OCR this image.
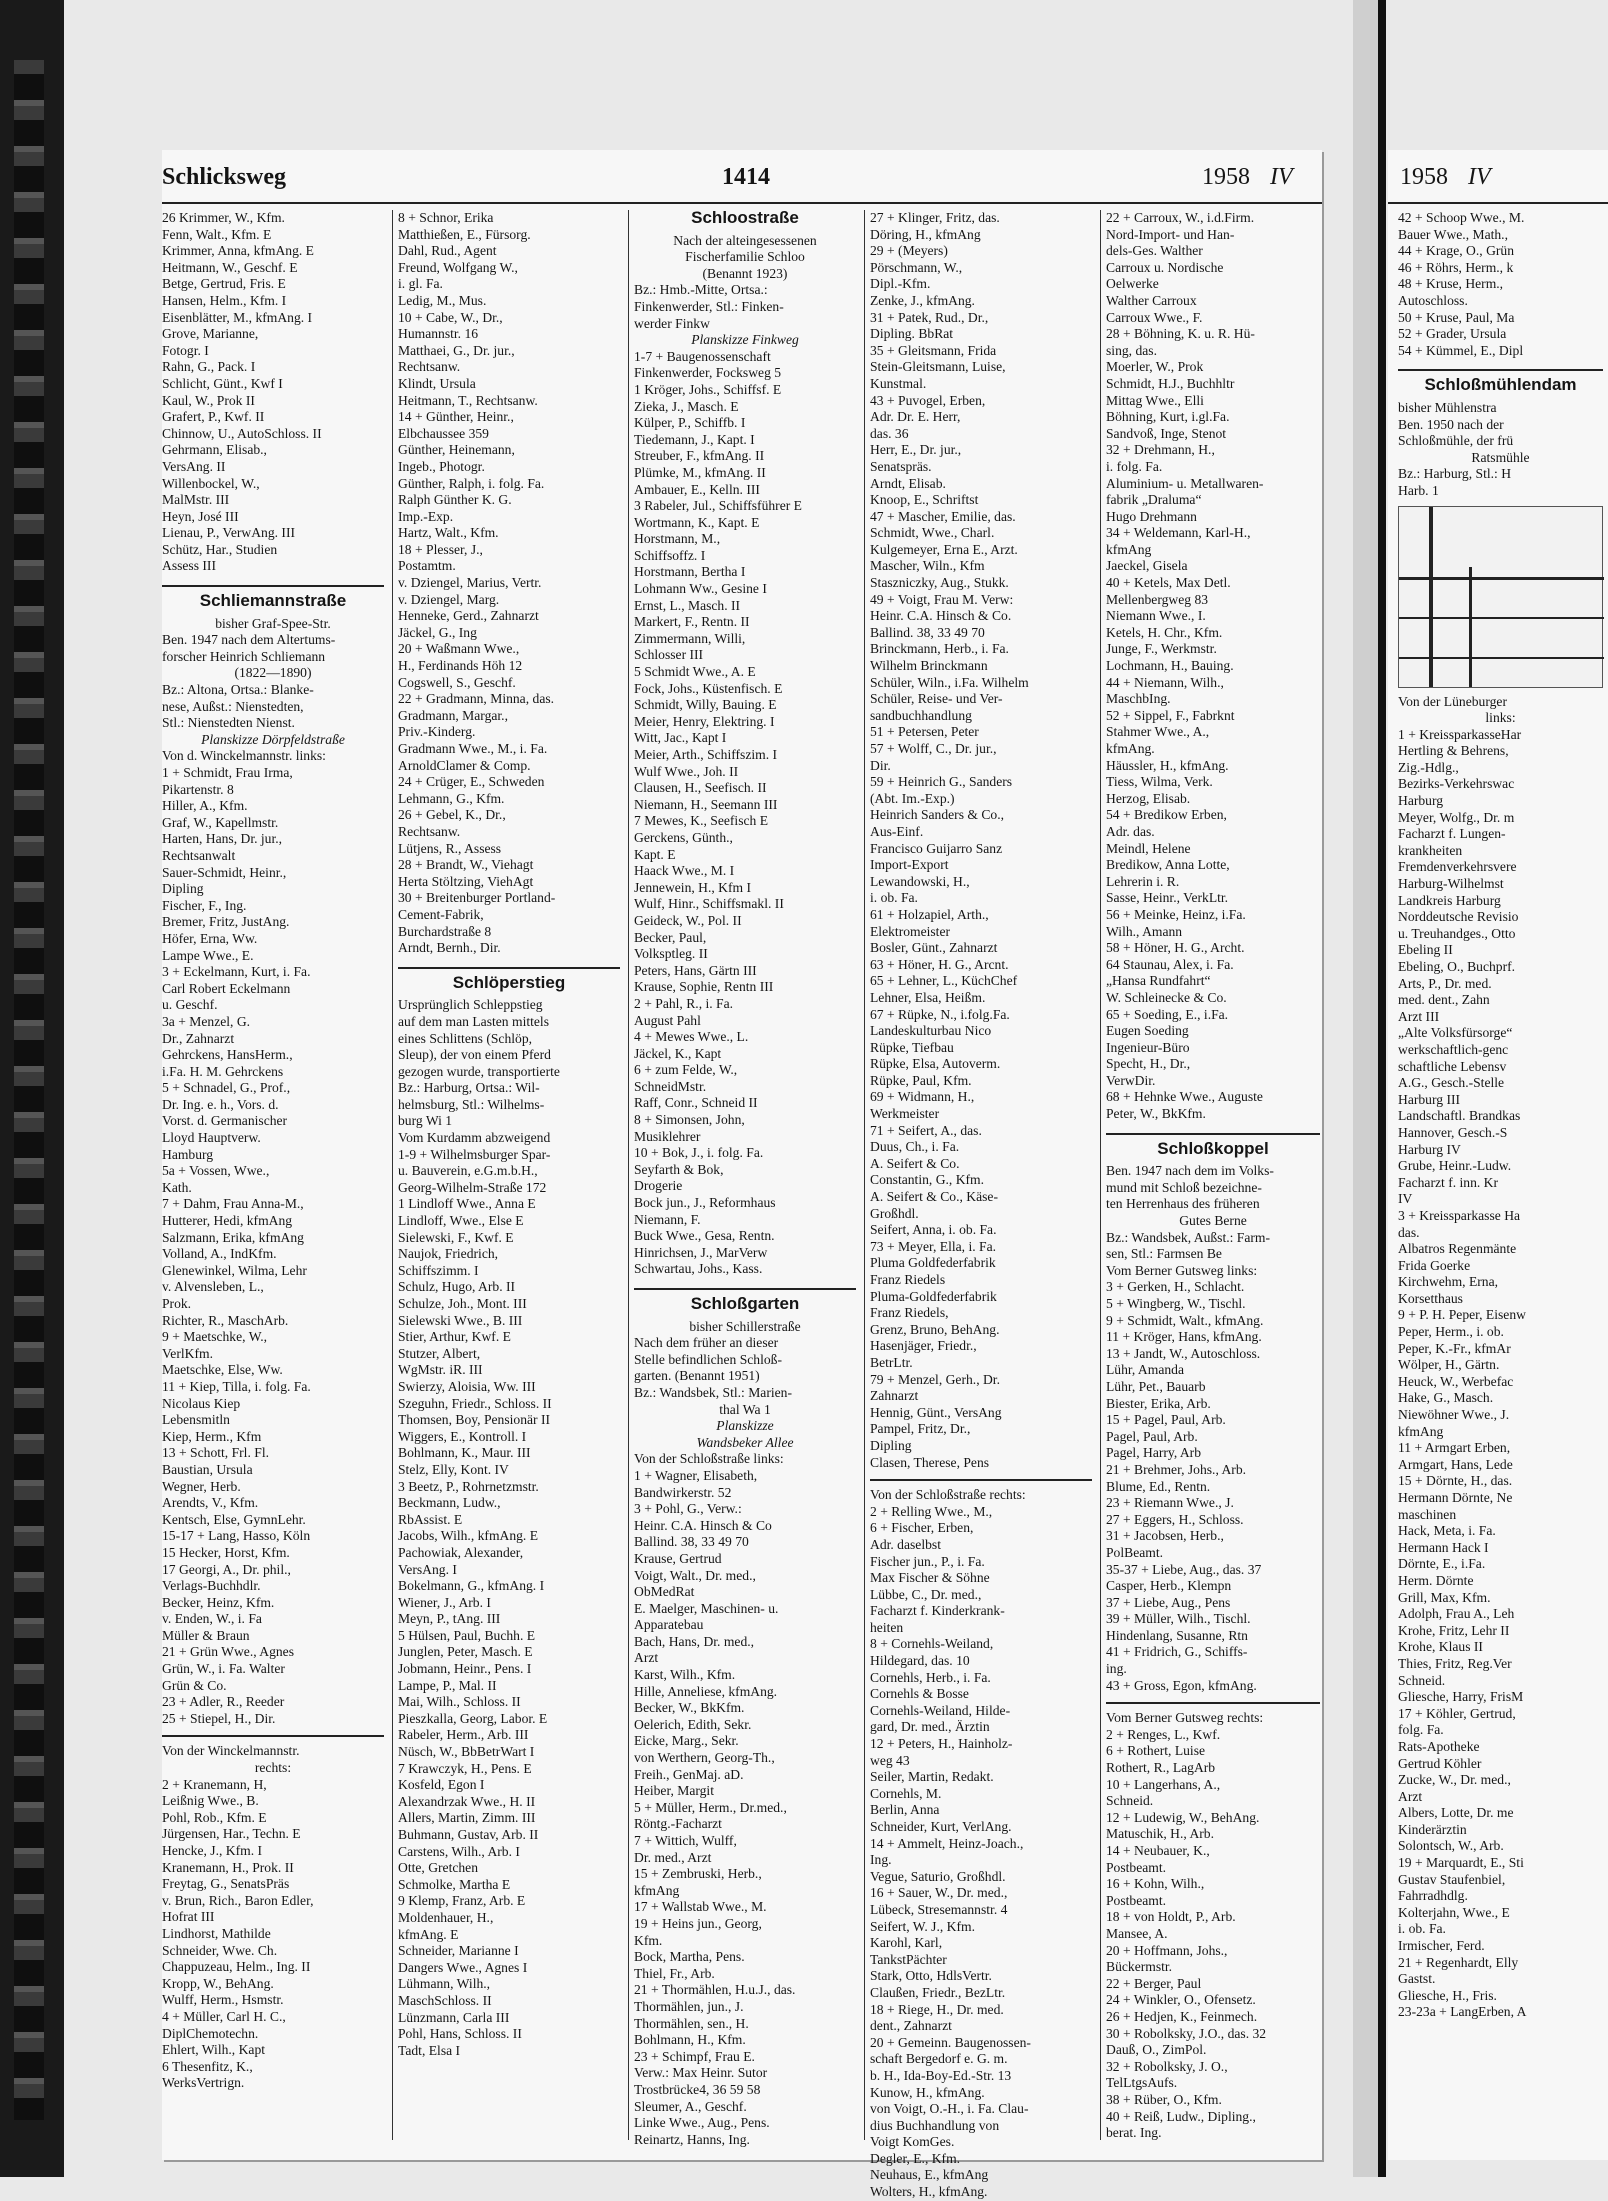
Schlicksweg	1414	1958 IV
26 Krimmer, W., Kfm.
Fenn, Walt., Kfm. E
Krimmer, Anna, kfmAng. E
Heitmann, W., Geschf. E
Betge, Gertrud, Fris. E
Hansen, Helm., Kfm. I
Eisenblätter, M., kfmAng. I
Grove, Marianne,
Fotogr. I
Rahn, G., Pack. I
Schlicht, Günt., Kwf I
Kaul, W., Prok II
Grafert, P., Kwf. II
Chinnow, U., AutoSchloss. II
Gehrmann, Elisab.,
VersAng. II
Willenbockel, W.,
MalMstr. III
Heyn, José III
Lienau, P., VerwAng. III
Schütz, Har., Studien
Assess III
Schliemannstraße
bisher Graf-Spee-Str.
Ben. 1947 nach dem Altertums-
forscher Heinrich Schliemann
(1822—1890)
Bz.: Altona, Ortsa.: Blanke-
nese, Außst.: Nienstedten,
Stl.: Nienstedten Nienst.
Planskizze Dörpfeldstraße
Von d. Winckelmannstr. links:
1 + Schmidt, Frau Irma,
Pikartenstr. 8
Hiller, A., Kfm.
Graf, W., Kapellmstr.
Harten, Hans, Dr. jur.,
Rechtsanwalt
Sauer-Schmidt, Heinr.,
Dipling
Fischer, F., Ing.
Bremer, Fritz, JustAng.
Höfer, Erna, Ww.
Lampe Wwe., E.
3 + Eckelmann, Kurt, i. Fa.
Carl Robert Eckelmann
u. Geschf.
3a + Menzel, G.
Dr., Zahnarzt
Gehrckens, HansHerm.,
i.Fa. H. M. Gehrckens
5 + Schnadel, G., Prof.,
Dr. Ing. e. h., Vors. d.
Vorst. d. Germanischer
Lloyd Hauptverw.
Hamburg
5a + Vossen, Wwe.,
Kath.
7 + Dahm, Frau Anna-M.,
Hutterer, Hedi, kfmAng
Salzmann, Erika, kfmAng
Volland, A., IndKfm.
Glenewinkel, Wilma, Lehr
v. Alvensleben, L.,
Prok.
Richter, R., MaschArb.
9 + Maetschke, W.,
VerlKfm.
Maetschke, Else, Ww.
11 + Kiep, Tilla, i. folg. Fa.
Nicolaus Kiep
Lebensmitln
Kiep, Herm., Kfm
13 + Schott, Frl. Fl.
Baustian, Ursula
Wegner, Herb.
Arendts, V., Kfm.
Kentsch, Else, GymnLehr.
15-17 + Lang, Hasso, Köln
15 Hecker, Horst, Kfm.
17 Georgi, A., Dr. phil.,
Verlags-Buchhdlr.
Becker, Heinz, Kfm.
v. Enden, W., i. Fa
Müller & Braun
21 + Grün Wwe., Agnes
Grün, W., i. Fa. Walter
Grün & Co.
23 + Adler, R., Reeder
25 + Stiepel, H., Dir.
Von der Winckelmannstr.
rechts:
2 + Kranemann, H,
Leißnig Wwe., B.
Pohl, Rob., Kfm. E
Jürgensen, Har., Techn. E
Hencke, J., Kfm. I
Kranemann, H., Prok. II
Freytag, G., SenatsPräs
v. Brun, Rich., Baron Edler,
Hofrat III
Lindhorst, Mathilde
Schneider, Wwe. Ch.
Chappuzeau, Helm., Ing. II
Kropp, W., BehAng.
Wulff, Herm., Hsmstr.
4 + Müller, Carl H. C.,
DiplChemotechn.
Ehlert, Wilh., Kapt
6 Thesenfitz, K.,
WerksVertrign.
8 + Schnor, Erika
Matthießen, E., Fürsorg.
Dahl, Rud., Agent
Freund, Wolfgang W.,
i. gl. Fa.
Ledig, M., Mus.
10 + Cabe, W., Dr.,
Humannstr. 16
Matthaei, G., Dr. jur.,
Rechtsanw.
Klindt, Ursula
Heitmann, T., Rechtsanw.
14 + Günther, Heinr.,
Elbchaussee 359
Günther, Heinemann,
Ingeb., Photogr.
Günther, Ralph, i. folg. Fa.
Ralph Günther K. G.
Imp.-Exp.
Hartz, Walt., Kfm.
18 + Plesser, J.,
Postamtm.
v. Dziengel, Marius, Vertr.
v. Dziengel, Marg.
Henneke, Gerd., Zahnarzt
Jäckel, G., Ing
20 + Waßmann Wwe.,
H., Ferdinands Höh 12
Cogswell, S., Geschf.
22 + Gradmann, Minna, das.
Gradmann, Margar.,
Priv.-Kinderg.
Gradmann Wwe., M., i. Fa.
ArnoldClamer & Comp.
24 + Crüger, E., Schweden
Lehmann, G., Kfm.
26 + Gebel, K., Dr.,
Rechtsanw.
Lütjens, R., Assess
28 + Brandt, W., Viehagt
Herta Stöltzing, ViehAgt
30 + Breitenburger Portland-
Cement-Fabrik,
Burchardstraße 8
Arndt, Bernh., Dir.
Schlöperstieg
Ursprünglich Schleppstieg
auf dem man Lasten mittels
eines Schlittens (Schlöp,
Sleup), der von einem Pferd
gezogen wurde, transportierte
Bz.: Harburg, Ortsa.: Wil-
helmsburg, Stl.: Wilhelms-
burg Wi 1
Vom Kurdamm abzweigend
1-9 + Wilhelmsburger Spar-
u. Bauverein, e.G.m.b.H.,
Georg-Wilhelm-Straße 172
1 Lindloff Wwe., Anna E
Lindloff, Wwe., Else E
Sielewski, F., Kwf. E
Naujok, Friedrich,
Schiffszimm. I
Schulz, Hugo, Arb. II
Schulze, Joh., Mont. III
Sielewski Wwe., B. III
Stier, Arthur, Kwf. E
Stutzer, Albert,
WgMstr. iR. III
Swierzy, Aloisia, Ww. III
Szeguhn, Friedr., Schloss. II
Thomsen, Boy, Pensionär II
Wiggers, E., Kontroll. I
Bohlmann, K., Maur. III
Stelz, Elly, Kont. IV
3 Beetz, P., Rohrnetzmstr.
Beckmann, Ludw.,
RbAssist. E
Jacobs, Wilh., kfmAng. E
Pachowiak, Alexander,
VersAng. I
Bokelmann, G., kfmAng. I
Wiener, J., Arb. I
Meyn, P., tAng. III
5 Hülsen, Paul, Buchh. E
Junglen, Peter, Masch. E
Jobmann, Heinr., Pens. I
Lampe, P., Mal. II
Mai, Wilh., Schloss. II
Pieszkalla, Georg, Labor. E
Rabeler, Herm., Arb. III
Nüsch, W., BbBetrWart I
7 Krawczyk, H., Pens. E
Kosfeld, Egon I
Alexandrzak Wwe., H. II
Allers, Martin, Zimm. III
Buhmann, Gustav, Arb. II
Carstens, Wilh., Arb. I
Otte, Gretchen
Schmolke, Martha E
9 Klemp, Franz, Arb. E
Moldenhauer, H.,
kfmAng. E
Schneider, Marianne I
Dangers Wwe., Agnes I
Lühmann, Wilh.,
MaschSchloss. II
Lünzmann, Carla III
Pohl, Hans, Schloss. II
Tadt, Elsa I
Schloostraße
Nach der alteingesessenen
Fischerfamilie Schloo
(Benannt 1923)
Bz.: Hmb.-Mitte, Ortsa.:
Finkenwerder, Stl.: Finken-
werder Finkw
Planskizze Finkweg
1-7 + Baugenossenschaft
Finkenwerder, Focksweg 5
1 Kröger, Johs., Schiffsf. E
Zieka, J., Masch. E
Külper, P., Schiffb. I
Tiedemann, J., Kapt. I
Streuber, F., kfmAng. II
Plümke, M., kfmAng. II
Ambauer, E., Kelln. III
3 Rabeler, Jul., Schiffsführer E
Wortmann, K., Kapt. E
Horstmann, M.,
Schiffsoffz. I
Horstmann, Bertha I
Lohmann Ww., Gesine I
Ernst, L., Masch. II
Markert, F., Rentn. II
Zimmermann, Willi,
Schlosser III
5 Schmidt Wwe., A. E
Fock, Johs., Küstenfisch. E
Schmidt, Willy, Bauing. E
Meier, Henry, Elektring. I
Witt, Jac., Kapt I
Meier, Arth., Schiffszim. I
Wulf Wwe., Joh. II
Clausen, H., Seefisch. II
Niemann, H., Seemann III
7 Mewes, K., Seefisch E
Gerckens, Günth.,
Kapt. E
Haack Wwe., M. I
Jennewein, H., Kfm I
Wulf, Hinr., Schiffsmakl. II
Geideck, W., Pol. II
Becker, Paul,
Volksptleg. II
Peters, Hans, Gärtn III
Krause, Sophie, Rentn III
2 + Pahl, R., i. Fa.
August Pahl
4 + Mewes Wwe., L.
Jäckel, K., Kapt
6 + zum Felde, W.,
SchneidMstr.
Raff, Conr., Schneid II
8 + Simonsen, John,
Musiklehrer
10 + Bok, J., i. folg. Fa.
Seyfarth & Bok,
Drogerie
Bock jun., J., Reformhaus
Niemann, F.
Buck Wwe., Gesa, Rentn.
Hinrichsen, J., MarVerw
Schwartau, Johs., Kass.
Schloßgarten
bisher Schillerstraße
Nach dem früher an dieser
Stelle befindlichen Schloß-
garten. (Benannt 1951)
Bz.: Wandsbek, Stl.: Marien-
thal Wa 1
Planskizze
Wandsbeker Allee
Von der Schloßstraße links:
1 + Wagner, Elisabeth,
Bandwirkerstr. 52
3 + Pohl, G., Verw.:
Heinr. C.A. Hinsch & Co
Ballind. 38, 33 49 70
Krause, Gertrud
Voigt, Walt., Dr. med.,
ObMedRat
E. Maelger, Maschinen- u.
Apparatebau
Bach, Hans, Dr. med.,
Arzt
Karst, Wilh., Kfm.
Hille, Anneliese, kfmAng.
Becker, W., BkKfm.
Oelerich, Edith, Sekr.
Eicke, Marg., Sekr.
von Werthern, Georg-Th.,
Freih., GenMaj. aD.
Heiber, Margit
5 + Müller, Herm., Dr.med.,
Röntg.-Facharzt
7 + Wittich, Wulff,
Dr. med., Arzt
15 + Zembruski, Herb.,
kfmAng
17 + Wallstab Wwe., M.
19 + Heins jun., Georg,
Kfm.
Bock, Martha, Pens.
Thiel, Fr., Arb.
21 + Thormählen, H.u.J., das.
Thormählen, jun., J.
Thormählen, sen., H.
Bohlmann, H., Kfm.
23 + Schimpf, Frau E.
Verw.: Max Heinr. Sutor
Trostbrücke4, 36 59 58
Sleumer, A., Geschf.
Linke Wwe., Aug., Pens.
Reinartz, Hanns, Ing.
27 + Klinger, Fritz, das.
Döring, H., kfmAng
29 + (Meyers)
Pörschmann, W.,
Dipl.-Kfm.
Zenke, J., kfmAng.
31 + Patek, Rud., Dr.,
Dipling. BbRat
35 + Gleitsmann, Frida
Stein-Gleitsmann, Luise,
Kunstmal.
43 + Puvogel, Erben,
Adr. Dr. E. Herr,
das. 36
Herr, E., Dr. jur.,
Senatspräs.
Arndt, Elisab.
Knoop, E., Schriftst
47 + Mascher, Emilie, das.
Schmidt, Wwe., Charl.
Kulgemeyer, Erna E., Arzt.
Mascher, Wiln., Kfm
Staszniczky, Aug., Stukk.
49 + Voigt, Frau M. Verw:
Heinr. C.A. Hinsch & Co.
Ballind. 38, 33 49 70
Brinckmann, Herb., i. Fa.
Wilhelm Brinckmann
Schüler, Wiln., i.Fa. Wilhelm
Schüler, Reise- und Ver-
sandbuchhandlung
51 + Petersen, Peter
57 + Wolff, C., Dr. jur.,
Dir.
59 + Heinrich G., Sanders
(Abt. Im.-Exp.)
Heinrich Sanders & Co.,
Aus-Einf.
Francisco Guijarro Sanz
Import-Export
Lewandowski, H.,
i. ob. Fa.
61 + Holzapiel, Arth.,
Elektromeister
Bosler, Günt., Zahnarzt
63 + Höner, H. G., Arcnt.
65 + Lehner, L., KüchChef
Lehner, Elsa, Heißm.
67 + Rüpke, N., i.folg.Fa.
Landeskulturbau Nico
Rüpke, Tiefbau
Rüpke, Elsa, Autoverm.
Rüpke, Paul, Kfm.
69 + Widmann, H.,
Werkmeister
71 + Seifert, A., das.
Duus, Ch., i. Fa.
A. Seifert & Co.
Constantin, G., Kfm.
A. Seifert & Co., Käse-
Großhdl.
Seifert, Anna, i. ob. Fa.
73 + Meyer, Ella, i. Fa.
Pluma Goldfederfabrik
Franz Riedels
Pluma-Goldfederfabrik
Franz Riedels,
Grenz, Bruno, BehAng.
Hasenjäger, Friedr.,
BetrLtr.
79 + Menzel, Gerh., Dr.
Zahnarzt
Hennig, Günt., VersAng
Pampel, Fritz, Dr.,
Dipling
Clasen, Therese, Pens
Von der Schloßstraße rechts:
2 + Relling Wwe., M.,
6 + Fischer, Erben,
Adr. daselbst
Fischer jun., P., i. Fa.
Max Fischer & Söhne
Lübbe, C., Dr. med.,
Facharzt f. Kinderkrank-
heiten
8 + Cornehls-Weiland,
Hildegard, das. 10
Cornehls, Herb., i. Fa.
Cornehls & Bosse
Cornehls-Weiland, Hilde-
gard, Dr. med., Ärztin
12 + Peters, H., Hainholz-
weg 43
Seiler, Martin, Redakt.
Cornehls, M.
Berlin, Anna
Schneider, Kurt, VerlAng.
14 + Ammelt, Heinz-Joach.,
Ing.
Vegue, Saturio, Großhdl.
16 + Sauer, W., Dr. med.,
Lübeck, Stresemannstr. 4
Seifert, W. J., Kfm.
Karohl, Karl,
TankstPächter
Stark, Otto, HdlsVertr.
Claußen, Friedr., BezLtr.
18 + Riege, H., Dr. med.
dent., Zahnarzt
20 + Gemeinn. Baugenossen-
schaft Bergedorf e. G. m.
b. H., Ida-Boy-Ed.-Str. 13
Kunow, H., kfmAng.
von Voigt, O.-H., i. Fa. Clau-
dius Buchhandlung von
Voigt KomGes.
Degler, E., Kfm.
Neuhaus, E., kfmAng
Wolters, H., kfmAng.
22 + Carroux, W., i.d.Firm.
Nord-Import- und Han-
dels-Ges. Walther
Carroux u. Nordische
Oelwerke
Walther Carroux
Carroux Wwe., F.
28 + Böhning, K. u. R. Hü-
sing, das.
Moerler, W., Prok
Schmidt, H.J., Buchhltr
Mittag Wwe., Elli
Böhning, Kurt, i.gl.Fa.
Sandvoß, Inge, Stenot
32 + Drehmann, H.,
i. folg. Fa.
Aluminium- u. Metallwaren-
fabrik „Draluma“
Hugo Drehmann
34 + Weldemann, Karl-H.,
kfmAng
Jaeckel, Gisela
40 + Ketels, Max Detl.
Mellenbergweg 83
Niemann Wwe., I.
Ketels, H. Chr., Kfm.
Junge, F., Werkmstr.
Lochmann, H., Bauing.
44 + Niemann, Wilh.,
MaschbIng.
52 + Sippel, F., Fabrknt
Stahmer Wwe., A.,
kfmAng.
Häussler, H., kfmAng.
Tiess, Wilma, Verk.
Herzog, Elisab.
54 + Bredikow Erben,
Adr. das.
Meindl, Helene
Bredikow, Anna Lotte,
Lehrerin i. R.
Sasse, Heinr., VerkLtr.
56 + Meinke, Heinz, i.Fa.
Wilh., Amann
58 + Höner, H. G., Archt.
64 Staunau, Alex, i. Fa.
„Hansa Rundfahrt“
W. Schleinecke & Co.
65 + Soeding, E., i.Fa.
Eugen Soeding
Ingenieur-Büro
Specht, H., Dr.,
VerwDir.
68 + Hehnke Wwe., Auguste
Peter, W., BkKfm.
Schloßkoppel
Ben. 1947 nach dem im Volks-
mund mit Schloß bezeichne-
ten Herrenhaus des früheren
Gutes Berne
Bz.: Wandsbek, Außst.: Farm-
sen, Stl.: Farmsen Be
Vom Berner Gutsweg links:
3 + Gerken, H., Schlacht.
5 + Wingberg, W., Tischl.
9 + Schmidt, Walt., kfmAng.
11 + Kröger, Hans, kfmAng.
13 + Jandt, W., Autoschloss.
Lühr, Amanda
Lühr, Pet., Bauarb
Biester, Erika, Arb.
15 + Pagel, Paul, Arb.
Pagel, Paul, Arb.
Pagel, Harry, Arb
21 + Brehmer, Johs., Arb.
Blume, Ed., Rentn.
23 + Riemann Wwe., J.
27 + Eggers, H., Schloss.
31 + Jacobsen, Herb.,
PolBeamt.
35-37 + Liebe, Aug., das. 37
Casper, Herb., Klempn
37 + Liebe, Aug., Pens
39 + Müller, Wilh., Tischl.
Hindenlang, Susanne, Rtn
41 + Fridrich, G., Schiffs-
ing.
43 + Gross, Egon, kfmAng.
Vom Berner Gutsweg rechts:
2 + Renges, L., Kwf.
6 + Rothert, Luise
Rothert, R., LagArb
10 + Langerhans, A.,
Schneid.
12 + Ludewig, W., BehAng.
Matuschik, H., Arb.
14 + Neubauer, K.,
Postbeamt.
16 + Kohn, Wilh.,
Postbeamt.
18 + von Holdt, P., Arb.
Mansee, A.
20 + Hoffmann, Johs.,
Bückermstr.
22 + Berger, Paul
24 + Winkler, O., Ofensetz.
26 + Hedjen, K., Feinmech.
30 + Robolksky, J.O., das. 32
Dauß, O., ZimPol.
32 + Robolksky, J. O.,
TelLtgsAufs.
38 + Rüber, O., Kfm.
40 + Reiß, Ludw., Dipling.,
berat. Ing.
1958 IV
42 + Schoop Wwe., M.
Bauer Wwe., Math.,
44 + Krage, O., Grün
46 + Röhrs, Herm., k
48 + Kruse, Herm.,
Autoschloss.
50 + Kruse, Paul, Ma
52 + Grader, Ursula
54 + Kümmel, E., Dipl
Schloßmühlendam
bisher Mühlenstra
Ben. 1950 nach der
Schloßmühle, der frü
Ratsmühle
Bz.: Harburg, Stl.: H
Harb. 1
Von der Lüneburger
links:
1 + KreissparkasseHar
Hertling & Behrens,
Zig.-Hdlg.,
Bezirks-Verkehrswac
Harburg
Meyer, Wolfg., Dr. m
Facharzt f. Lungen-
krankheiten
Fremdenverkehrsvere
Harburg-Wilhelmst
Landkreis Harburg
Norddeutsche Revisio
u. Treuhandges., Otto
Ebeling II
Ebeling, O., Buchprf.
Arts, P., Dr. med.
med. dent., Zahn
Arzt III
„Alte Volksfürsorge“
werkschaftlich-genc
schaftliche Lebensv
A.G., Gesch.-Stelle
Harburg III
Landschaftl. Brandkas
Hannover, Gesch.-S
Harburg IV
Grube, Heinr.-Ludw.
Facharzt f. inn. Kr
IV
3 + Kreissparkasse Ha
das.
Albatros Regenmänte
Frida Goerke
Kirchwehm, Erna,
Korsetthaus
9 + P. H. Peper, Eisenw
Peper, Herm., i. ob.
Peper, K.-Fr., kfmAr
Wölper, H., Gärtn.
Heuck, W., Werbefac
Hake, G., Masch.
Niewöhner Wwe., J.
kfmAng
11 + Armgart Erben,
Armgart, Hans, Lede
15 + Dörnte, H., das.
Hermann Dörnte, Ne
maschinen
Hack, Meta, i. Fa.
Hermann Hack I
Dörnte, E., i.Fa.
Herm. Dörnte
Grill, Max, Kfm.
Adolph, Frau A., Leh
Krohe, Fritz, Lehr II
Krohe, Klaus II
Thies, Fritz, Reg.Ver
Schneid.
Gliesche, Harry, FrisM
17 + Köhler, Gertrud,
folg. Fa.
Rats-Apotheke
Gertrud Köhler
Zucke, W., Dr. med.,
Arzt
Albers, Lotte, Dr. me
Kinderärztin
Solontsch, W., Arb.
19 + Marquardt, E., Sti
Gustav Staufenbiel,
Fahrradhdlg.
Kolterjahn, Wwe., E
i. ob. Fa.
Irmischer, Ferd.
21 + Regenhardt, Elly
Gastst.
Gliesche, H., Fris.
23-23a + LangErben, A
